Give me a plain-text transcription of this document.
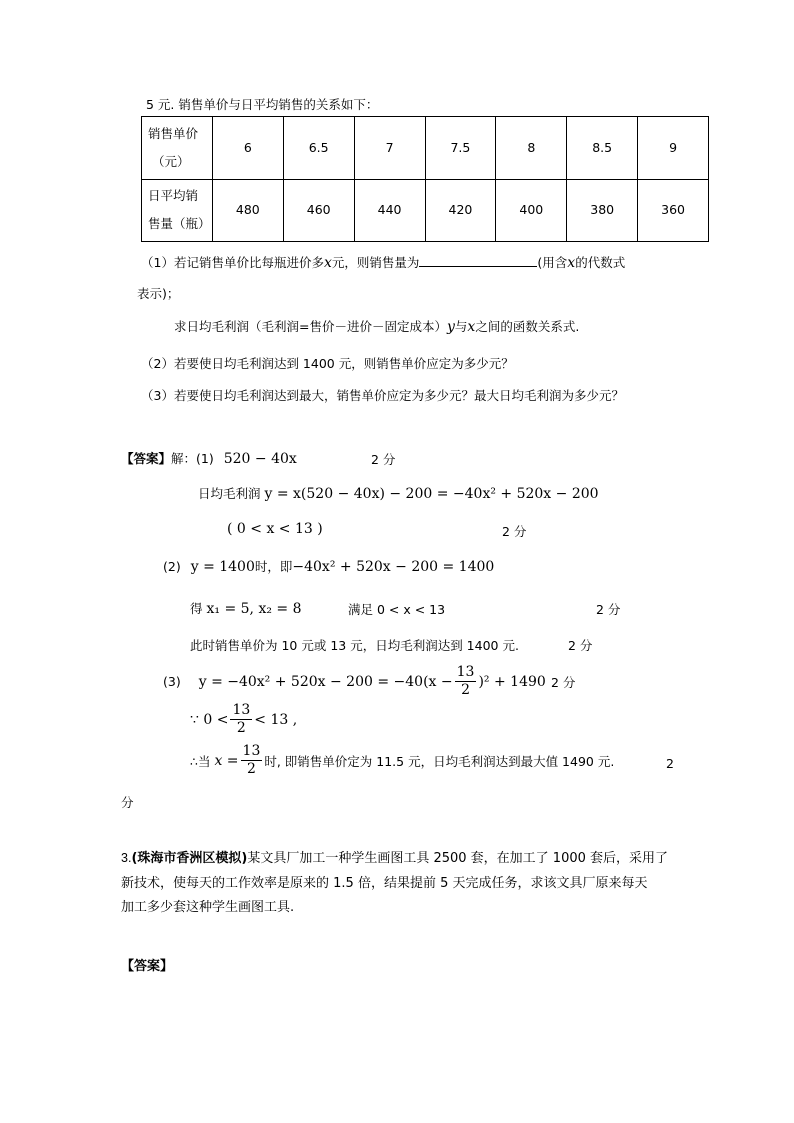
5 元. 销售单价与日平均销售的关系如下：
销售单价
（元）	6	6.5	7	7.5	8	8.5	9
日平均销
售量（瓶）	480	460	440	420	400	380	360
（1）若记销售单价比每瓶进价多x元，则销售量为	(用含x的代数式
表示)；
求日均毛利润（毛利润=售价－进价－固定成本）y与x之间的函数关系式.
（2）若要使日均毛利润达到 1400 元，则销售单价应定为多少元？
（3）若要使日均毛利润达到最大，销售单价应定为多少元？最大日均毛利润为多少元？
【答案】解：(1) 520 − 40x	2 分
日均毛利润 y = x(520 − 40x) − 200 = −40x² + 520x − 200
( 0 < x < 13 )	2 分
(2) y = 1400时，即−40x² + 520x − 200 = 1400
得 x₁ = 5, x₂ = 8	满足 0 < x < 13	2 分
此时销售单价为 10 元或 13 元，日均毛利润达到 1400 元.	2 分
(3) $y = -40x^2 + 520x - 200 = -40(x - \frac{13}{2} )^2 + 1490$ 2 分
∵ $0 < \frac{13}{2} < 13$ ,
∴当 $x = \frac{13}{2}$ 时, 即销售单价定为 11.5 元，日均毛利润达到最大值 1490 元.	2
分
3.(珠海市香洲区模拟)某文具厂加工一种学生画图工具 2500 套，在加工了 1000 套后，采用了
新技术，使每天的工作效率是原来的 1.5 倍，结果提前 5 天完成任务，求该文具厂原来每天
加工多少套这种学生画图工具.
【答案】
